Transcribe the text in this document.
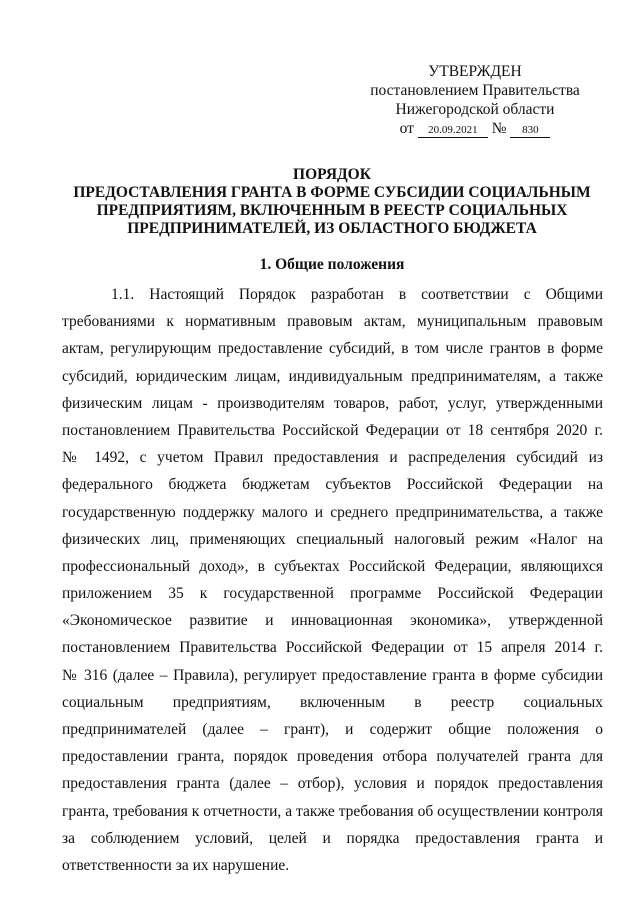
УТВЕРЖДЕН
постановлением Правительства
Нижегородской области
от 20.09.2021 № 830
ПОРЯДОК
ПРЕДОСТАВЛЕНИЯ ГРАНТА В ФОРМЕ СУБСИДИИ СОЦИАЛЬНЫМ
ПРЕДПРИЯТИЯМ, ВКЛЮЧЕННЫМ В РЕЕСТР СОЦИАЛЬНЫХ
ПРЕДПРИНИМАТЕЛЕЙ, ИЗ ОБЛАСТНОГО БЮДЖЕТА
1. Общие положения
1.1. Настоящий Порядок разработан в соответствии с Общими
требованиями к нормативным правовым актам, муниципальным правовым
актам, регулирующим предоставление субсидий, в том числе грантов в форме
субсидий, юридическим лицам, индивидуальным предпринимателям, а также
физическим лицам - производителям товаров, работ, услуг, утвержденными
постановлением Правительства Российской Федерации от 18 сентября 2020 г.
№ 1492, с учетом Правил предоставления и распределения субсидий из
федерального бюджета бюджетам субъектов Российской Федерации на
государственную поддержку малого и среднего предпринимательства, а также
физических лиц, применяющих специальный налоговый режим «Налог на
профессиональный доход», в субъектах Российской Федерации, являющихся
приложением 35 к государственной программе Российской Федерации
«Экономическое развитие и инновационная экономика», утвержденной
постановлением Правительства Российской Федерации от 15 апреля 2014 г.
№ 316 (далее – Правила), регулирует предоставление гранта в форме субсидии
социальным предприятиям, включенным в реестр социальных
предпринимателей (далее – грант), и содержит общие положения о
предоставлении гранта, порядок проведения отбора получателей гранта для
предоставления гранта (далее – отбор), условия и порядок предоставления
гранта, требования к отчетности, а также требования об осуществлении контроля
за соблюдением условий, целей и порядка предоставления гранта и
ответственности за их нарушение.
